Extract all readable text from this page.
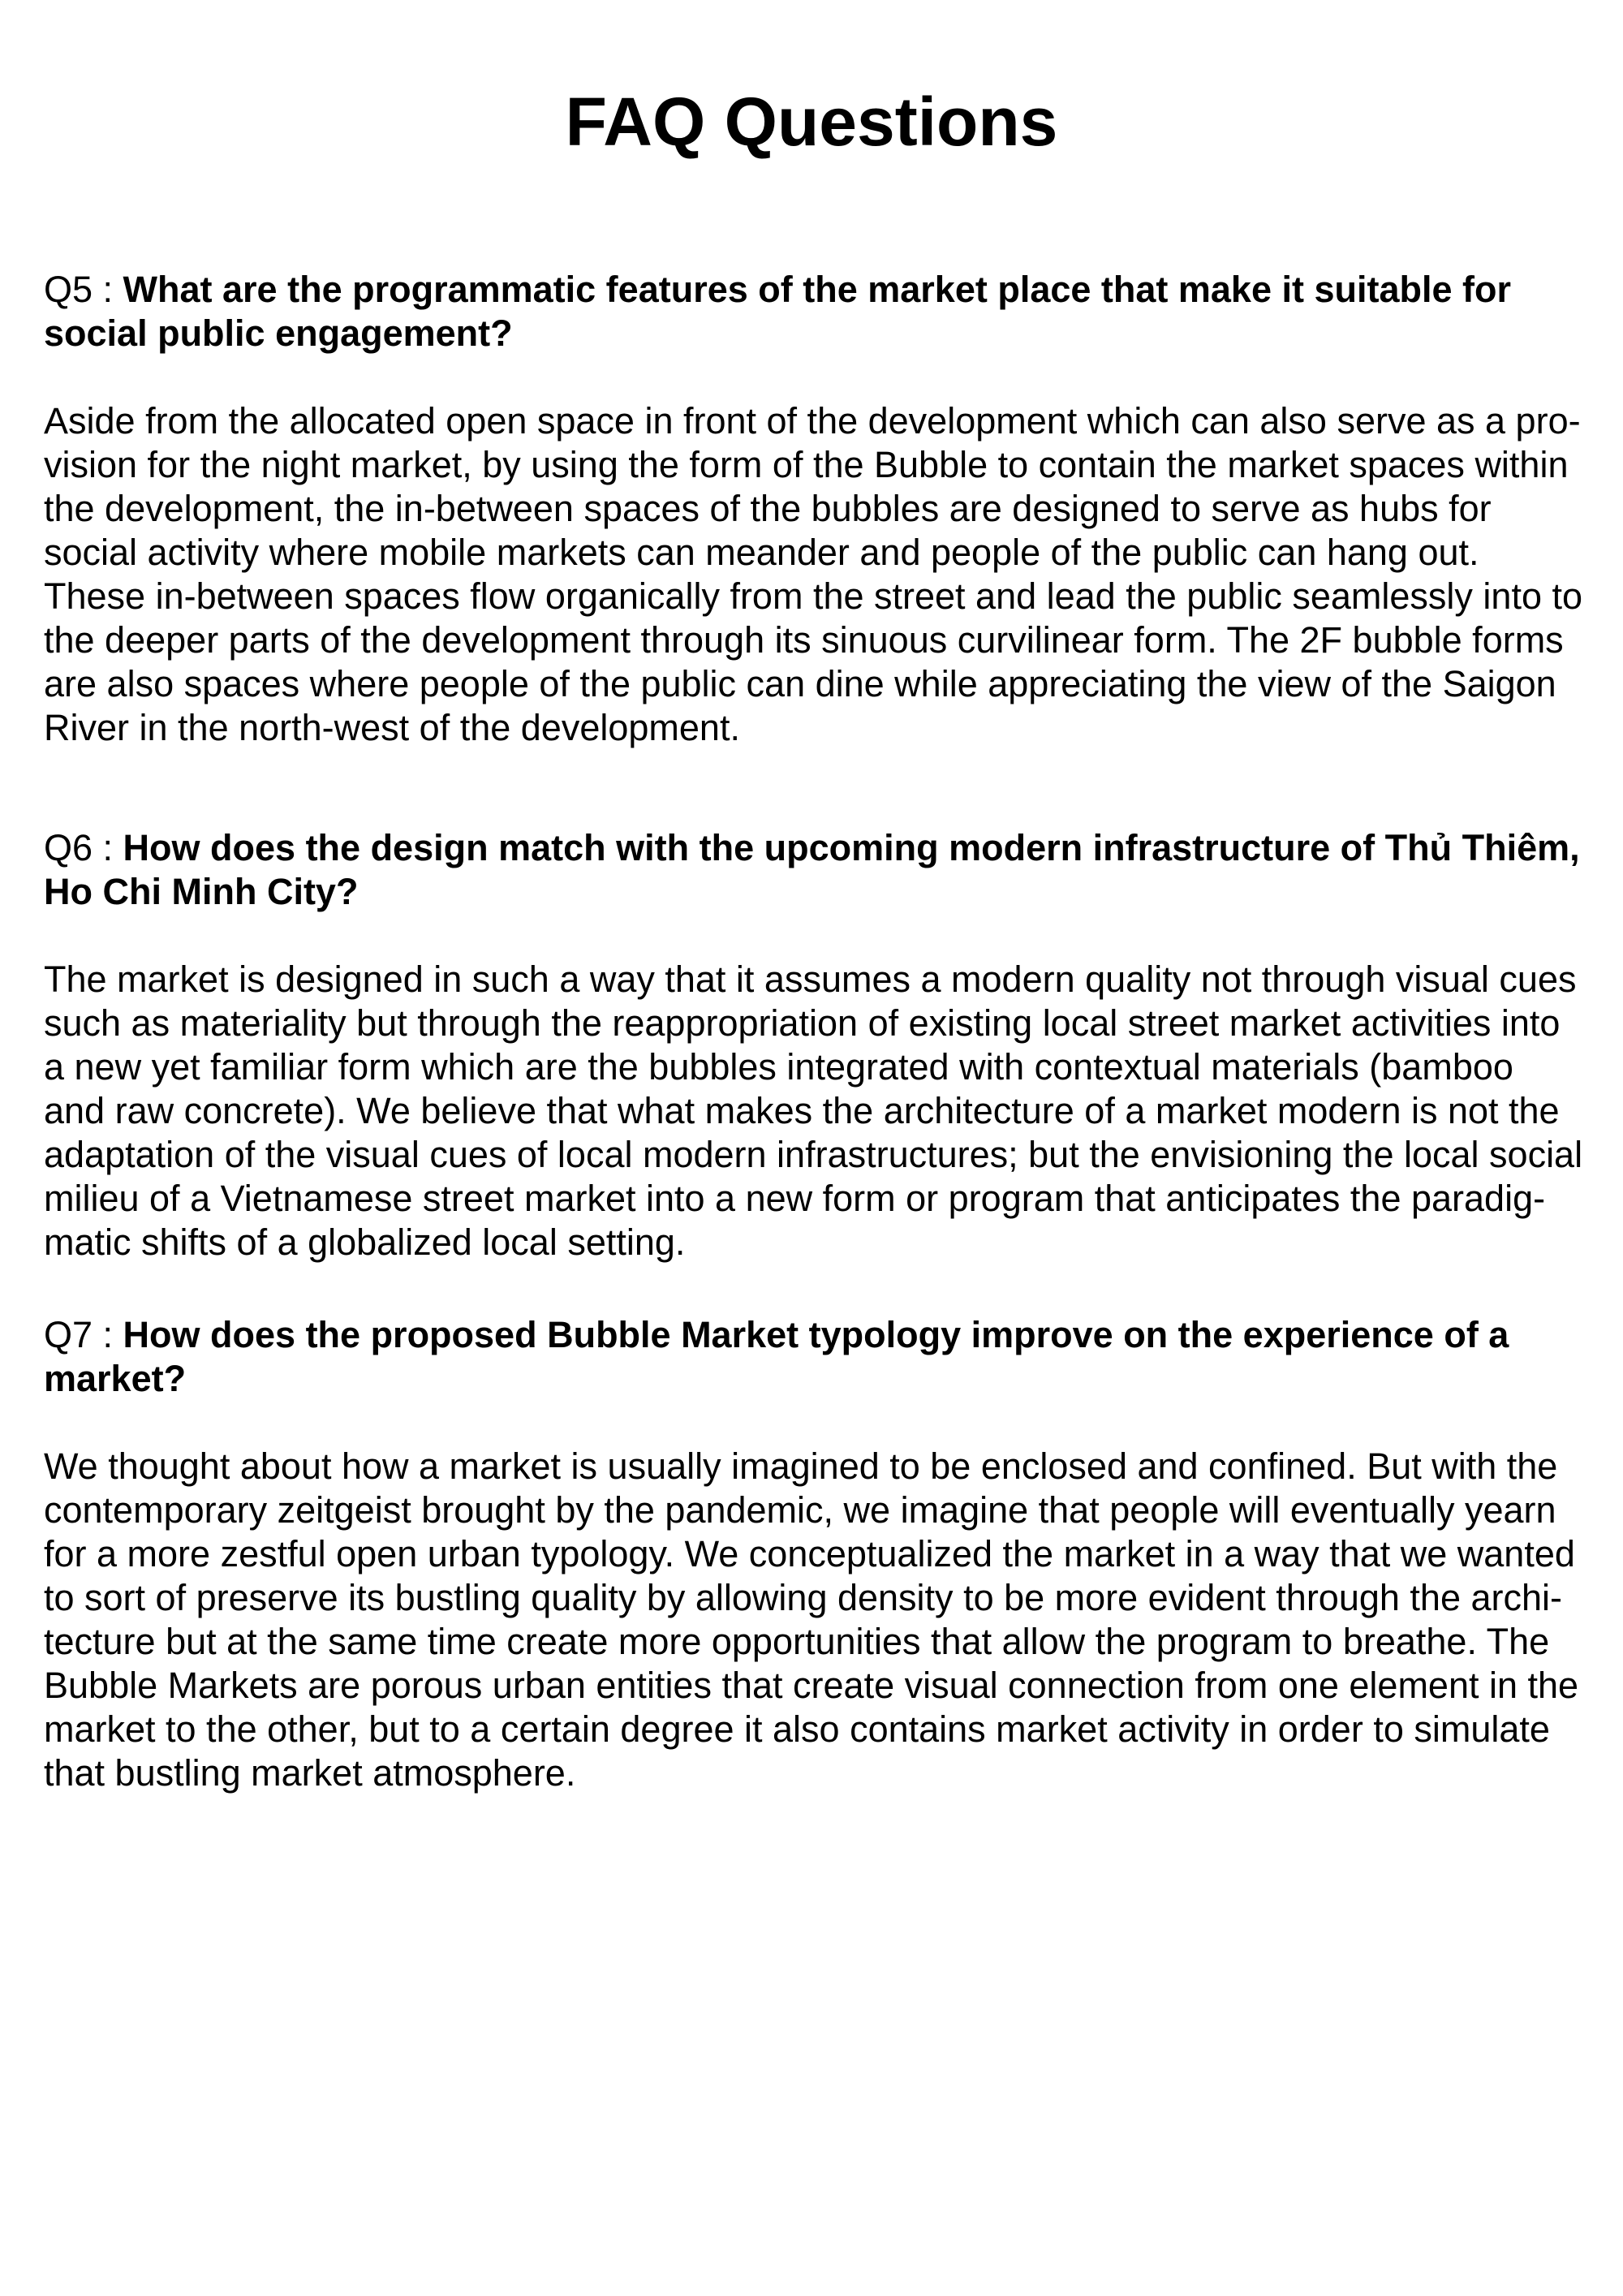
FAQ Questions

Q5 : What are the programmatic features of the market place that make it suitable for social public engagement?

Aside from the allocated open space in front of the development which can also serve as a pro-
vision for the night market, by using the form of the Bubble to contain the market spaces within
the development, the in-between spaces of the bubbles are designed to serve as hubs for
social activity where mobile markets can meander and people of the public can hang out.
These in-between spaces flow organically from the street and lead the public seamlessly into to
the deeper parts of the development through its sinuous curvilinear form. The 2F bubble forms
are also spaces where people of the public can dine while appreciating the view of the Saigon
River in the north-west of the development.

Q6 : How does the design match with the upcoming modern infrastructure of Thủ Thiêm, Ho Chi Minh City?

The market is designed in such a way that it assumes a modern quality not through visual cues
such as materiality but through the reappropriation of existing local street market activities into
a new yet familiar form which are the bubbles integrated with contextual materials (bamboo
and raw concrete). We believe that what makes the architecture of a market modern is not the
adaptation of the visual cues of local modern infrastructures; but the envisioning the local social
milieu of a Vietnamese street market into a new form or program that anticipates the paradig-
matic shifts of a globalized local setting.

Q7 : How does the proposed Bubble Market typology improve on the experience of a market?

We thought about how a market is usually imagined to be enclosed and confined. But with the
contemporary zeitgeist brought by the pandemic, we imagine that people will eventually yearn
for a more zestful open urban typology. We conceptualized the market in a way that we wanted
to sort of preserve its bustling quality by allowing density to be more evident through the archi-
tecture but at the same time create more opportunities that allow the program to breathe. The
Bubble Markets are porous urban entities that create visual connection from one element in the
market to the other, but to a certain degree it also contains market activity in order to simulate
that bustling market atmosphere.
